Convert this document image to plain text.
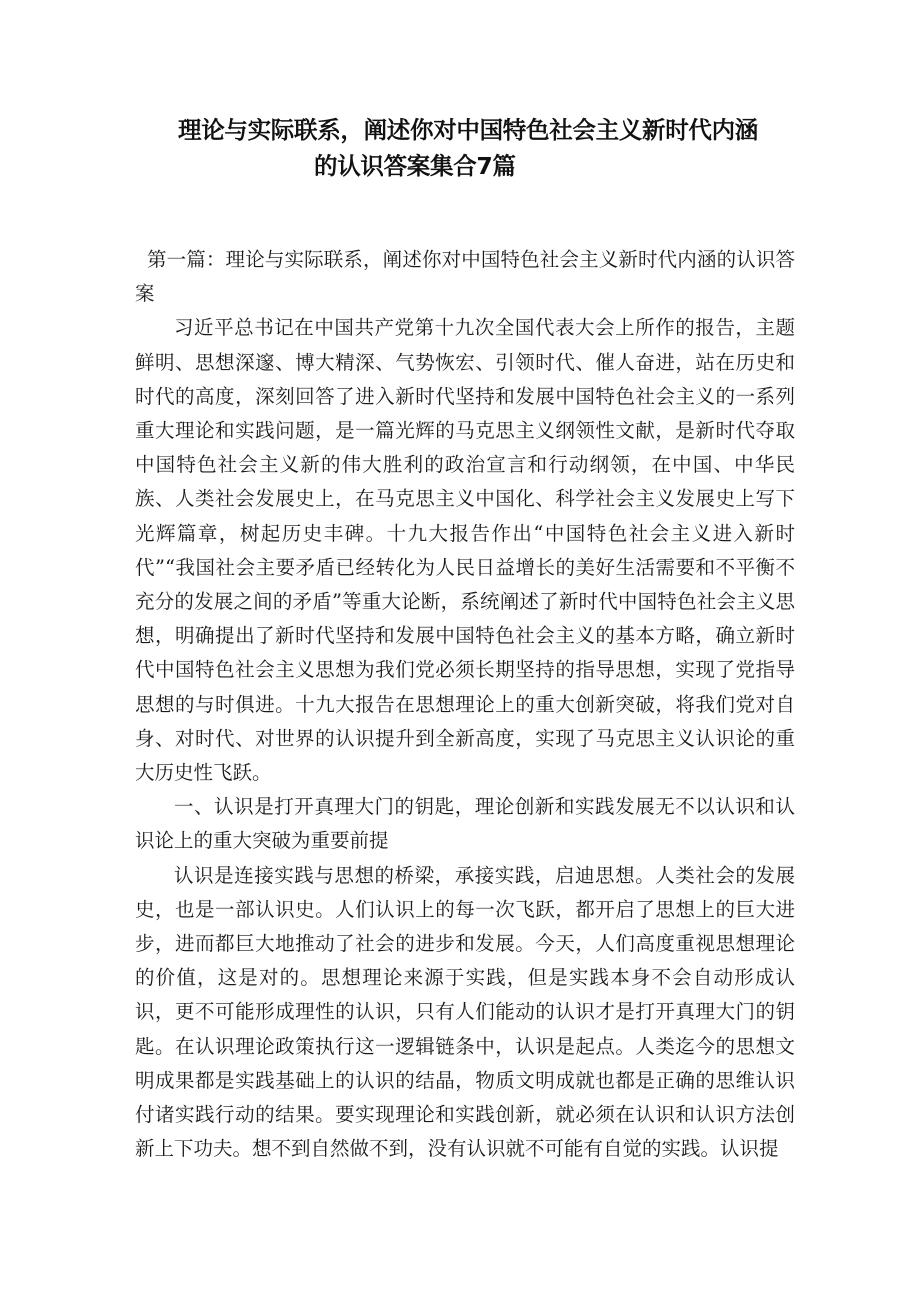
理论与实际联系，阐述你对中国特色社会主义新时代内涵
的认识答案集合7篇

第一篇：理论与实际联系，阐述你对中国特色社会主义新时代内涵的认识答案

习近平总书记在中国共产党第十九次全国代表大会上所作的报告，主题鲜明、思想深邃、博大精深、气势恢宏、引领时代、催人奋进，站在历史和时代的高度，深刻回答了进入新时代坚持和发展中国特色社会主义的一系列重大理论和实践问题，是一篇光辉的马克思主义纲领性文献，是新时代夺取中国特色社会主义新的伟大胜利的政治宣言和行动纲领，在中国、中华民族、人类社会发展史上，在马克思主义中国化、科学社会主义发展史上写下光辉篇章，树起历史丰碑。十九大报告作出“中国特色社会主义进入新时代”“我国社会主要矛盾已经转化为人民日益增长的美好生活需要和不平衡不充分的发展之间的矛盾”等重大论断，系统阐述了新时代中国特色社会主义思想，明确提出了新时代坚持和发展中国特色社会主义的基本方略，确立新时代中国特色社会主义思想为我们党必须长期坚持的指导思想，实现了党指导思想的与时俱进。十九大报告在思想理论上的重大创新突破，将我们党对自身、对时代、对世界的认识提升到全新高度，实现了马克思主义认识论的重大历史性飞跃。

一、认识是打开真理大门的钥匙，理论创新和实践发展无不以认识和认识论上的重大突破为重要前提

认识是连接实践与思想的桥梁，承接实践，启迪思想。人类社会的发展史，也是一部认识史。人们认识上的每一次飞跃，都开启了思想上的巨大进步，进而都巨大地推动了社会的进步和发展。今天，人们高度重视思想理论的价值，这是对的。思想理论来源于实践，但是实践本身不会自动形成认识，更不可能形成理性的认识，只有人们能动的认识才是打开真理大门的钥匙。在认识理论政策执行这一逻辑链条中，认识是起点。人类迄今的思想文明成果都是实践基础上的认识的结晶，物质文明成就也都是正确的思维认识付诸实践行动的结果。要实现理论和实践创新，就必须在认识和认识方法创新上下功夫。想不到自然做不到，没有认识就不可能有自觉的实践。认识提
